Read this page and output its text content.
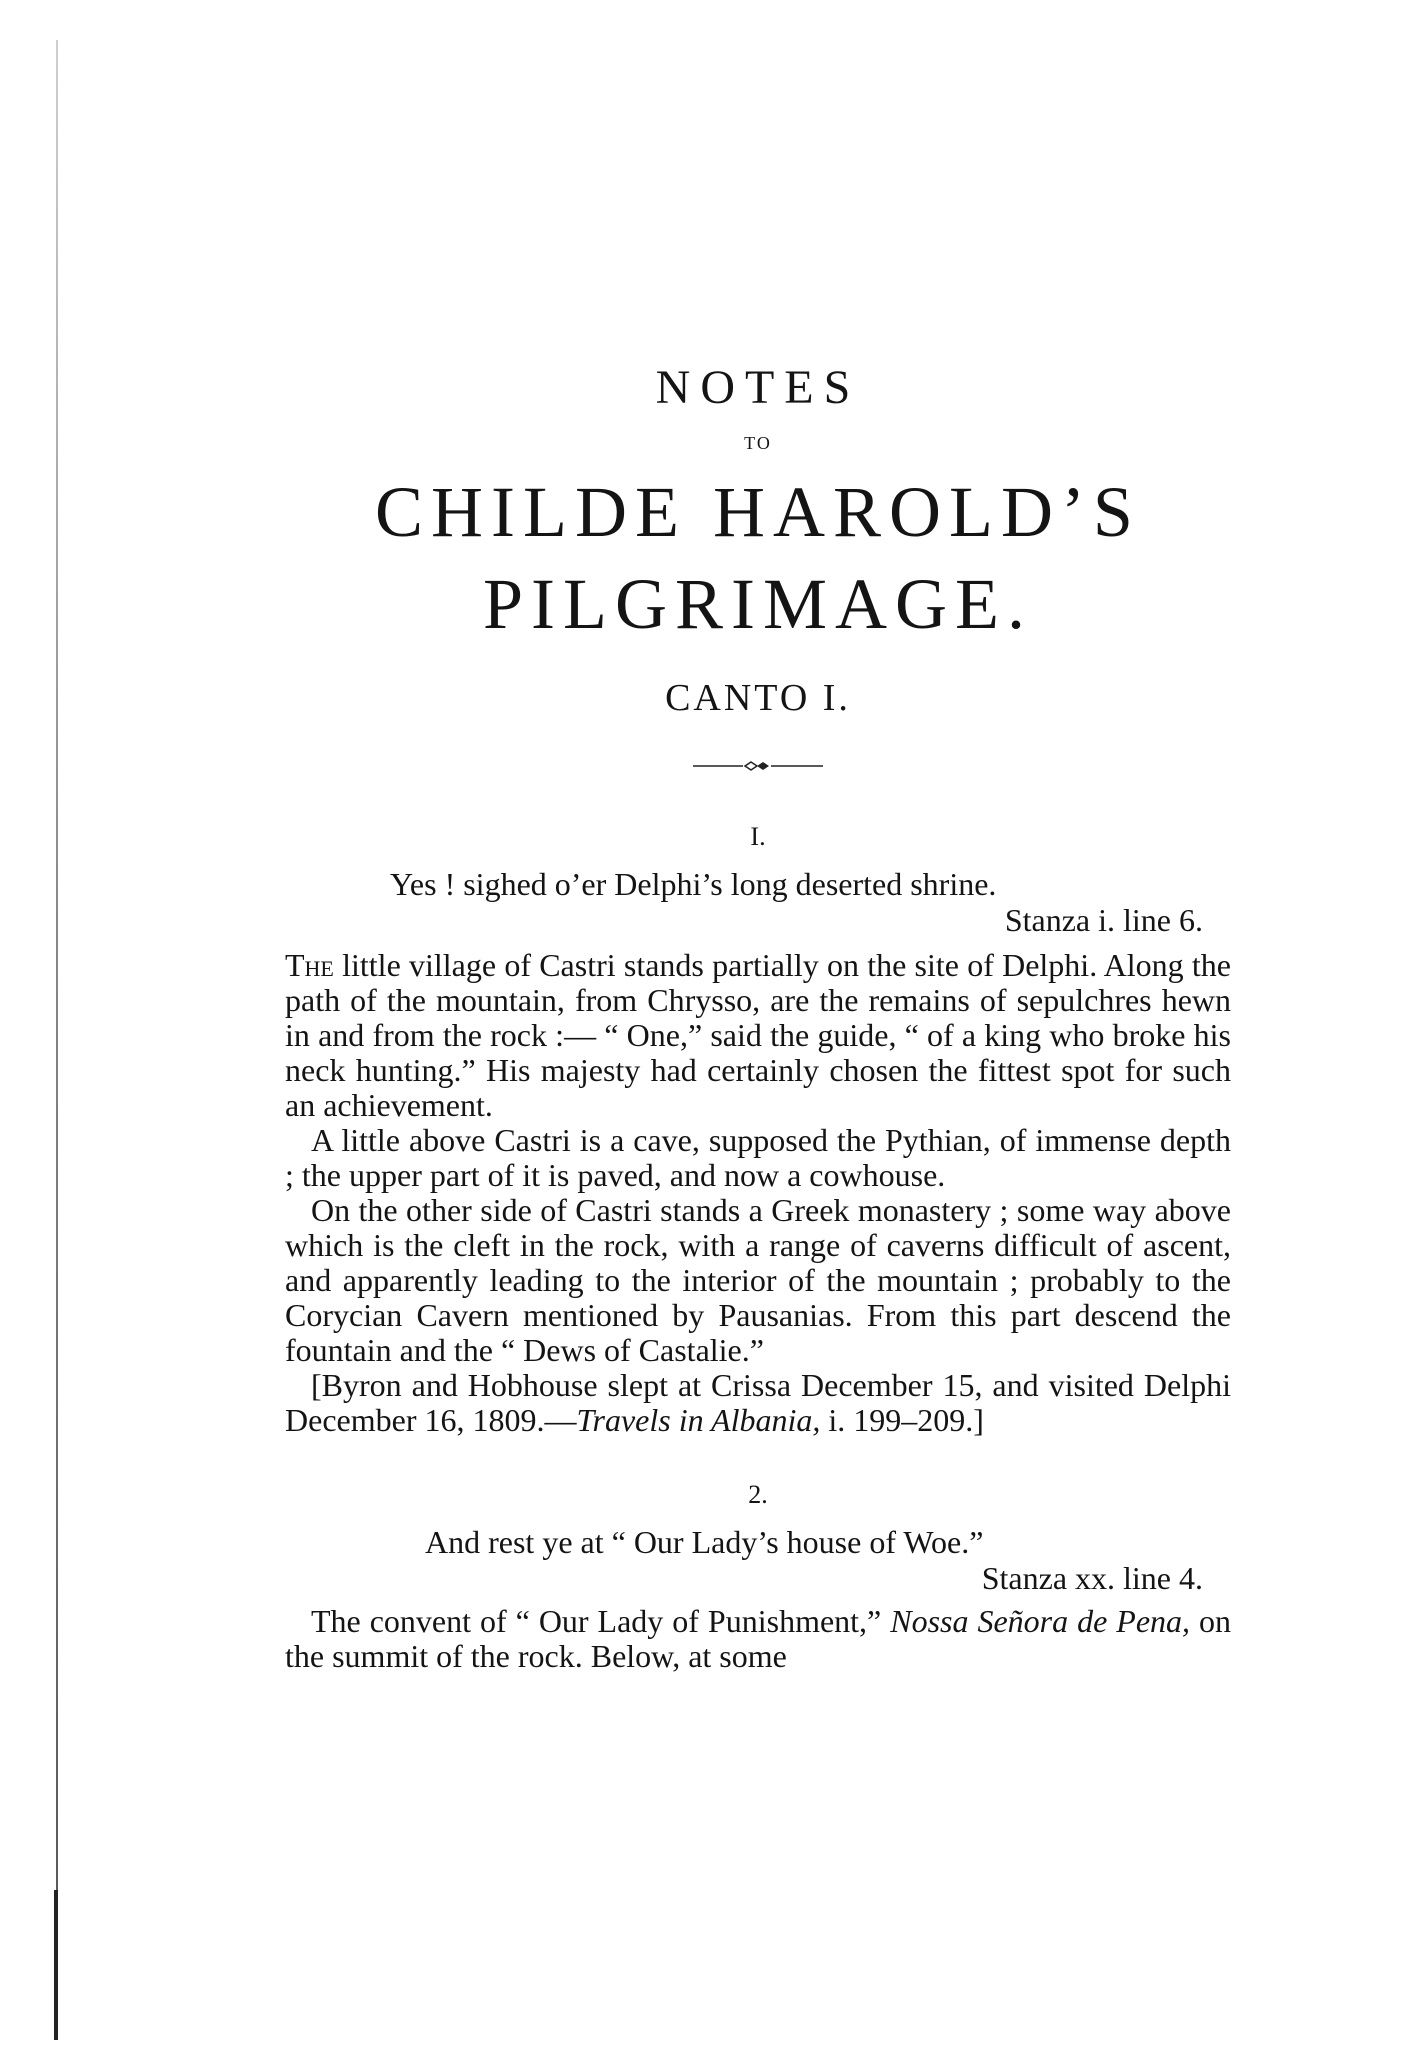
NOTES
TO
CHILDE HAROLD’S
PILGRIMAGE.
CANTO I.
I.
Yes ! sighed o’er Delphi’s long deserted shrine.
Stanza i. line 6.

The little village of Castri stands partially on the site of Delphi. Along the path of the mountain, from Chrysso, are the remains of sepulchres hewn in and from the rock :— “ One,” said the guide, “ of a king who broke his neck hunting.” His majesty had certainly chosen the fittest spot for such an achievement.

A little above Castri is a cave, supposed the Pythian, of immense depth ; the upper part of it is paved, and now a cowhouse.

On the other side of Castri stands a Greek monastery ; some way above which is the cleft in the rock, with a range of caverns difficult of ascent, and apparently leading to the interior of the mountain ; probably to the Corycian Cavern mentioned by Pausanias. From this part descend the fountain and the “ Dews of Castalie.”

[Byron and Hobhouse slept at Crissa December 15, and visited Delphi December 16, 1809.—Travels in Albania, i. 199–209.]

2.
And rest ye at “ Our Lady’s house of Woe.”
Stanza xx. line 4.

The convent of “ Our Lady of Punishment,” Nossa Señora de Pena, on the summit of the rock. Below, at some
